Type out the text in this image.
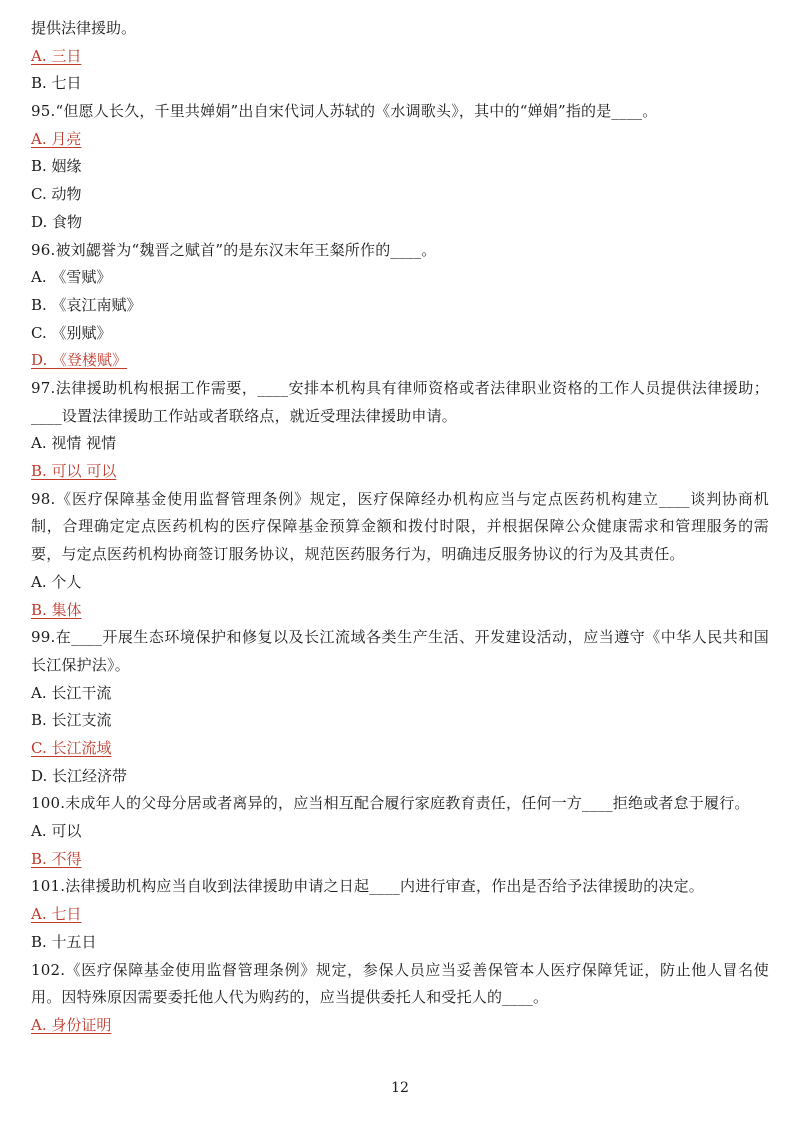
提供法律援助。
A. 三日
B. 七日
95.“但愿人长久，千里共婵娟”出自宋代词人苏轼的《水调歌头》，其中的“婵娟”指的是____。
A. 月亮
B. 姻缘
C. 动物
D. 食物
96.被刘勰誉为“魏晋之赋首”的是东汉末年王粲所作的____。
A. 《雪赋》
B. 《哀江南赋》
C. 《别赋》
D. 《登楼赋》
97.法律援助机构根据工作需要，____安排本机构具有律师资格或者法律职业资格的工作人员提供法律援助；____设置法律援助工作站或者联络点，就近受理法律援助申请。
A. 视情 视情
B. 可以 可以
98.《医疗保障基金使用监督管理条例》规定，医疗保障经办机构应当与定点医药机构建立____谈判协商机制，合理确定定点医药机构的医疗保障基金预算金额和拨付时限，并根据保障公众健康需求和管理服务的需要，与定点医药机构协商签订服务协议，规范医药服务行为，明确违反服务协议的行为及其责任。
A. 个人
B. 集体
99.在____开展生态环境保护和修复以及长江流域各类生产生活、开发建设活动，应当遵守《中华人民共和国长江保护法》。
A. 长江干流
B. 长江支流
C. 长江流域
D. 长江经济带
100.未成年人的父母分居或者离异的，应当相互配合履行家庭教育责任，任何一方____拒绝或者怠于履行。
A. 可以
B. 不得
101.法律援助机构应当自收到法律援助申请之日起____内进行审查，作出是否给予法律援助的决定。
A. 七日
B. 十五日
102.《医疗保障基金使用监督管理条例》规定，参保人员应当妥善保管本人医疗保障凭证，防止他人冒名使用。因特殊原因需要委托他人代为购药的，应当提供委托人和受托人的____。
A. 身份证明
12
